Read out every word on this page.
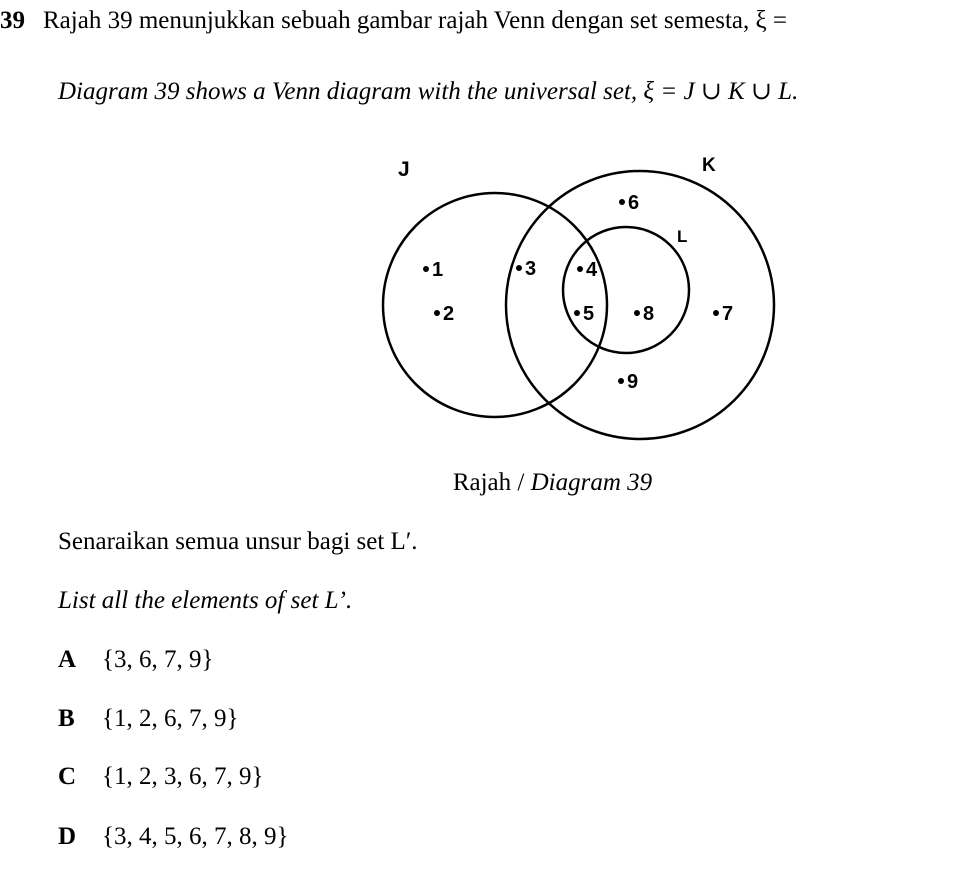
39 Rajah 39 menunjukkan sebuah gambar rajah Venn dengan set semesta, ξ =
Diagram 39 shows a Venn diagram with the universal set, ξ = J ∪ K ∪ L.
J	K
L
1
2
3 4
5
6
7
8
9
Rajah / Diagram 39
Senaraikan semua unsur bagi set L′.
List all the elements of set L’.
A {3, 6, 7, 9}
B {1, 2, 6, 7, 9}
C {1, 2, 3, 6, 7, 9}
D {3, 4, 5, 6, 7, 8, 9}
